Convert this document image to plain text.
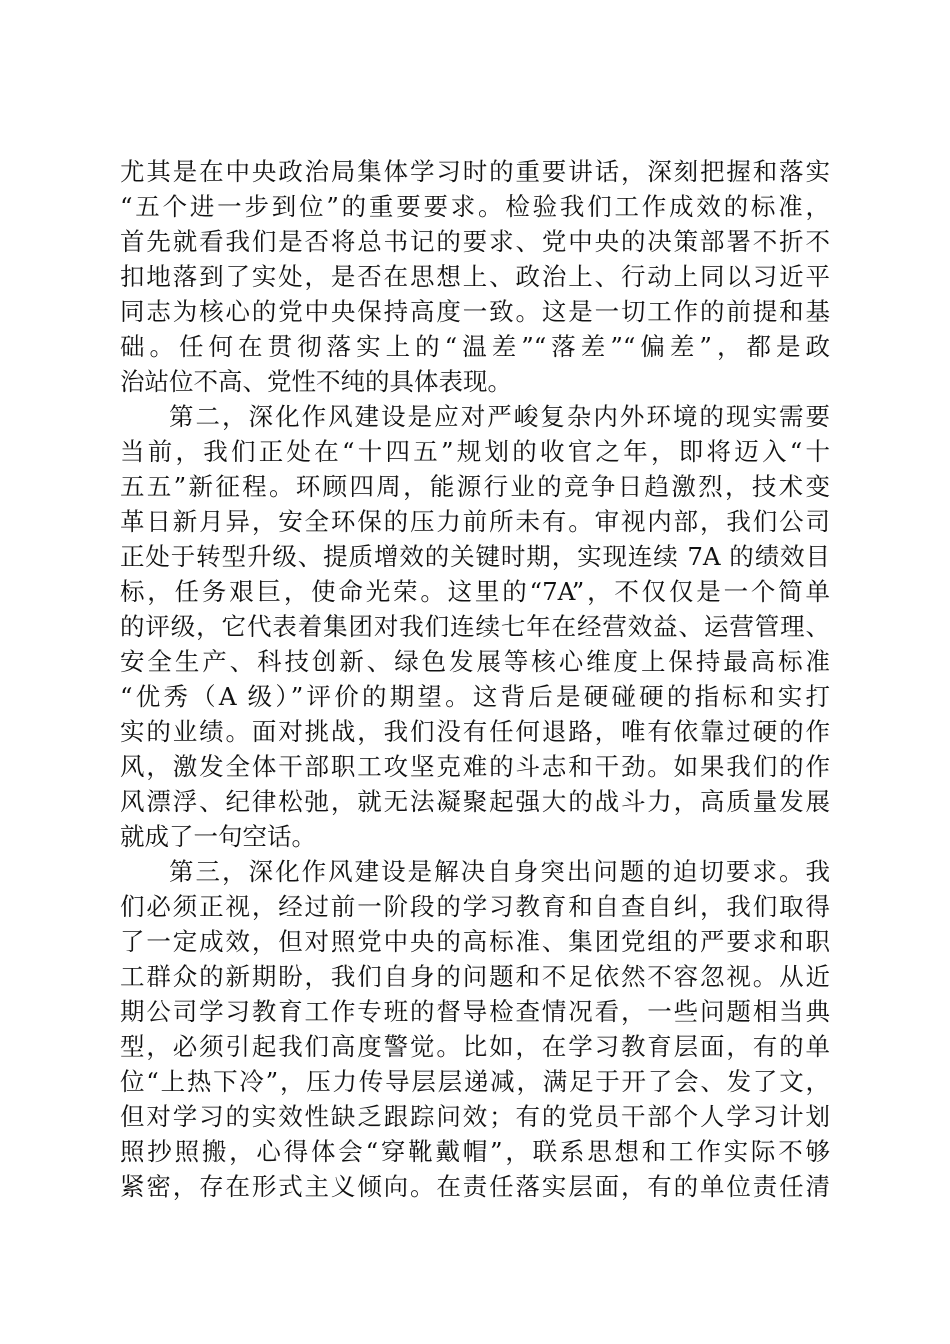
尤其是在中央政治局集体学习时的重要讲话，深刻把握和落实

“五个进一步到位”的重要要求。检验我们工作成效的标准，

首先就看我们是否将总书记的要求、党中央的决策部署不折不

扣地落到了实处，是否在思想上、政治上、行动上同以习近平

同志为核心的党中央保持高度一致。这是一切工作的前提和基

础。任何在贯彻落实上的“温差”“落差”“偏差”，都是政

治站位不高、党性不纯的具体表现。

第二，深化作风建设是应对严峻复杂内外环境的现实需要

当前，我们正处在“十四五”规划的收官之年，即将迈入“十

五五”新征程。环顾四周，能源行业的竞争日趋激烈，技术变

革日新月异，安全环保的压力前所未有。审视内部，我们公司

正处于转型升级、提质增效的关键时期，实现连续 7A 的绩效目

标，任务艰巨，使命光荣。这里的“7A”，不仅仅是一个简单

的评级，它代表着集团对我们连续七年在经营效益、运营管理、

安全生产、科技创新、绿色发展等核心维度上保持最高标准

“优秀（A 级）”评价的期望。这背后是硬碰硬的指标和实打

实的业绩。面对挑战，我们没有任何退路，唯有依靠过硬的作

风，激发全体干部职工攻坚克难的斗志和干劲。如果我们的作

风漂浮、纪律松弛，就无法凝聚起强大的战斗力，高质量发展

就成了一句空话。

第三，深化作风建设是解决自身突出问题的迫切要求。我

们必须正视，经过前一阶段的学习教育和自查自纠，我们取得

了一定成效，但对照党中央的高标准、集团党组的严要求和职

工群众的新期盼，我们自身的问题和不足依然不容忽视。从近

期公司学习教育工作专班的督导检查情况看，一些问题相当典

型，必须引起我们高度警觉。比如，在学习教育层面，有的单

位“上热下冷”，压力传导层层递减，满足于开了会、发了文，

但对学习的实效性缺乏跟踪问效；有的党员干部个人学习计划

照抄照搬，心得体会“穿靴戴帽”，联系思想和工作实际不够

紧密，存在形式主义倾向。在责任落实层面，有的单位责任清
